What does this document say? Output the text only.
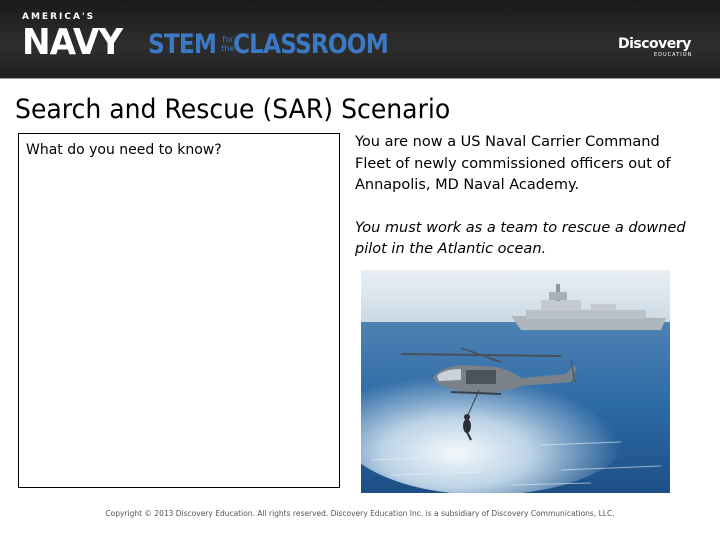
AMERICA'S
NAVY STEM for
the CLASSROOM	Discovery
EDUCATION
Search and Rescue (SAR) Scenario
What do you need to know?	You are now a US Naval Carrier Command Fleet of newly commissioned officers out of Annapolis, MD Naval Academy.

You must work as a team to rescue a downed pilot in the Atlantic ocean.

Copyright © 2013 Discovery Education. All rights reserved. Discovery Education Inc. is a subsidiary of Discovery Communications, LLC.
